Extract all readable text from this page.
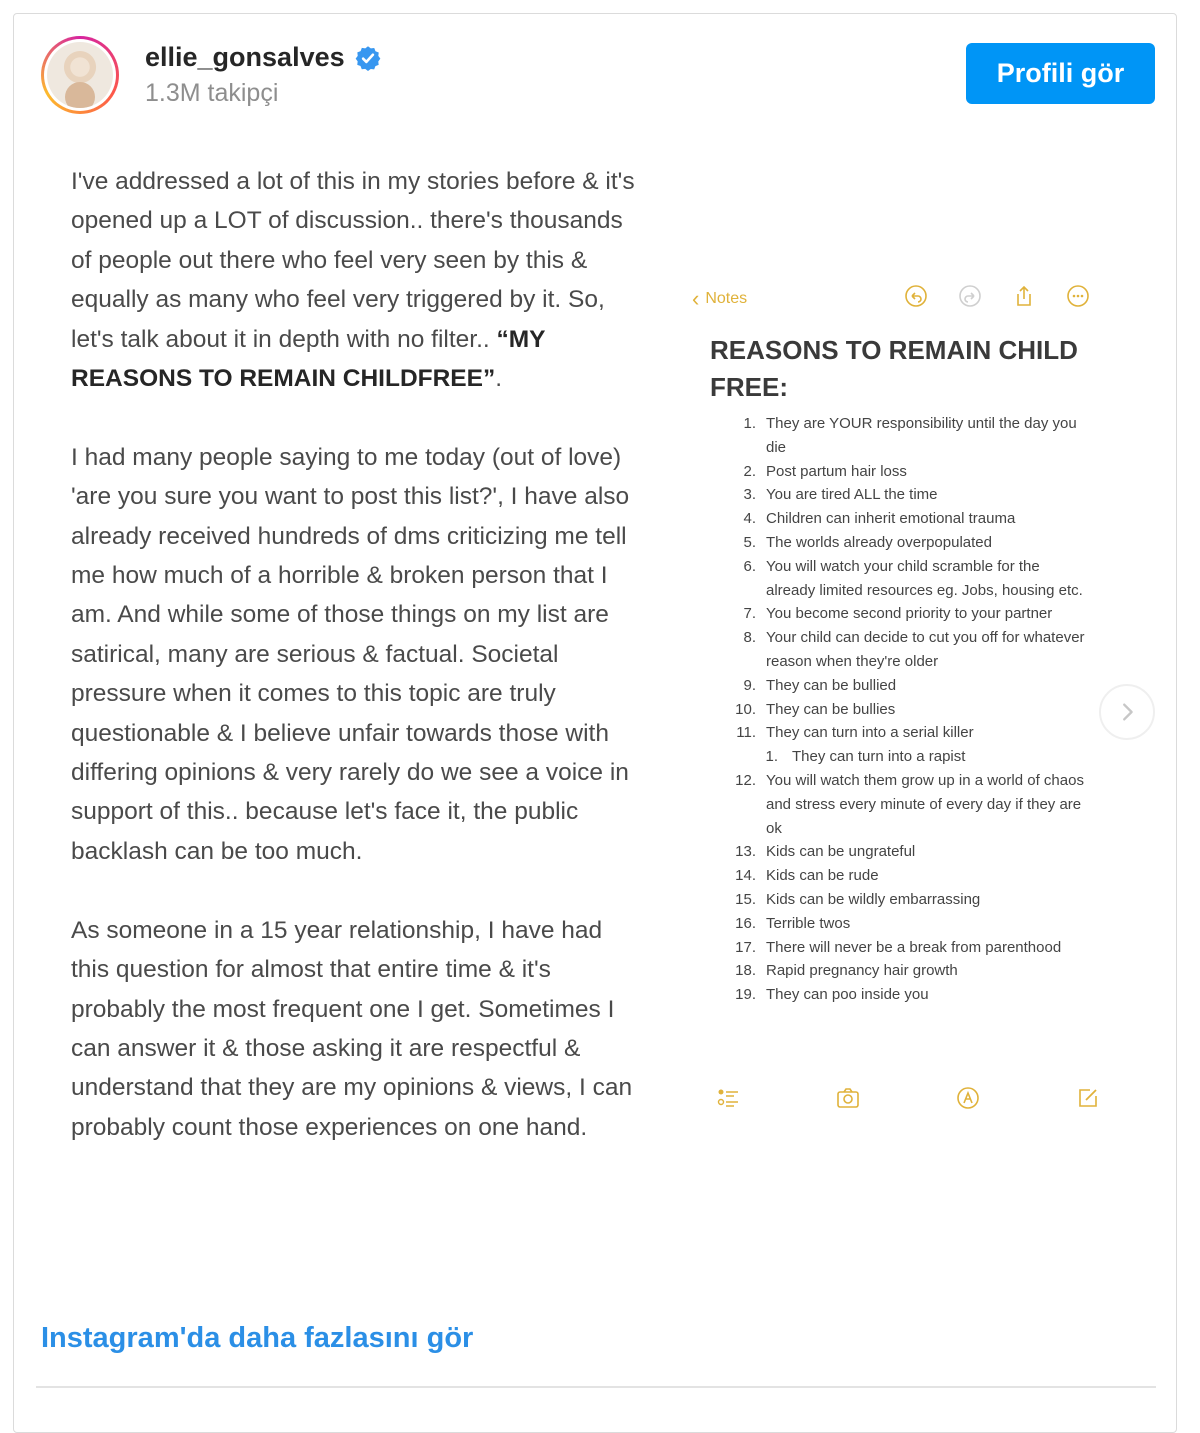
ellie_gonsalves
1.3M takipçi
Profili gör

I've addressed a lot of this in my stories before & it's opened up a LOT of discussion.. there's thousands of people out there who feel very seen by this & equally as many who feel very triggered by it. So, let's talk about it in depth with no filter.. “MY REASONS TO REMAIN CHILDFREE”.

I had many people saying to me today (out of love) 'are you sure you want to post this list?', I have also already received hundreds of dms criticizing me tell me how much of a horrible & broken person that I am. And while some of those things on my list are satirical, many are serious & factual. Societal pressure when it comes to this topic are truly questionable & I believe unfair towards those with differing opinions & very rarely do we see a voice in support of this.. because let's face it, the public backlash can be too much.

As someone in a 15 year relationship, I have had this question for almost that entire time & it's probably the most frequent one I get. Sometimes I can answer it & those asking it are respectful & understand that they are my opinions & views, I can probably count those experiences on one hand.

‹ Notes
REASONS TO REMAIN CHILD FREE:
1. They are YOUR responsibility until the day you die
2. Post partum hair loss
3. You are tired ALL the time
4. Children can inherit emotional trauma
5. The worlds already overpopulated
6. You will watch your child scramble for the already limited resources eg. Jobs, housing etc.
7. You become second priority to your partner
8. Your child can decide to cut you off for whatever reason when they're older
9. They can be bullied
10. They can be bullies
11. They can turn into a serial killer
1. They can turn into a rapist
12. You will watch them grow up in a world of chaos and stress every minute of every day if they are ok
13. Kids can be ungrateful
14. Kids can be rude
15. Kids can be wildly embarrassing
16. Terrible twos
17. There will never be a break from parenthood
18. Rapid pregnancy hair growth
19. They can poo inside you
Instagram'da daha fazlasını gör
